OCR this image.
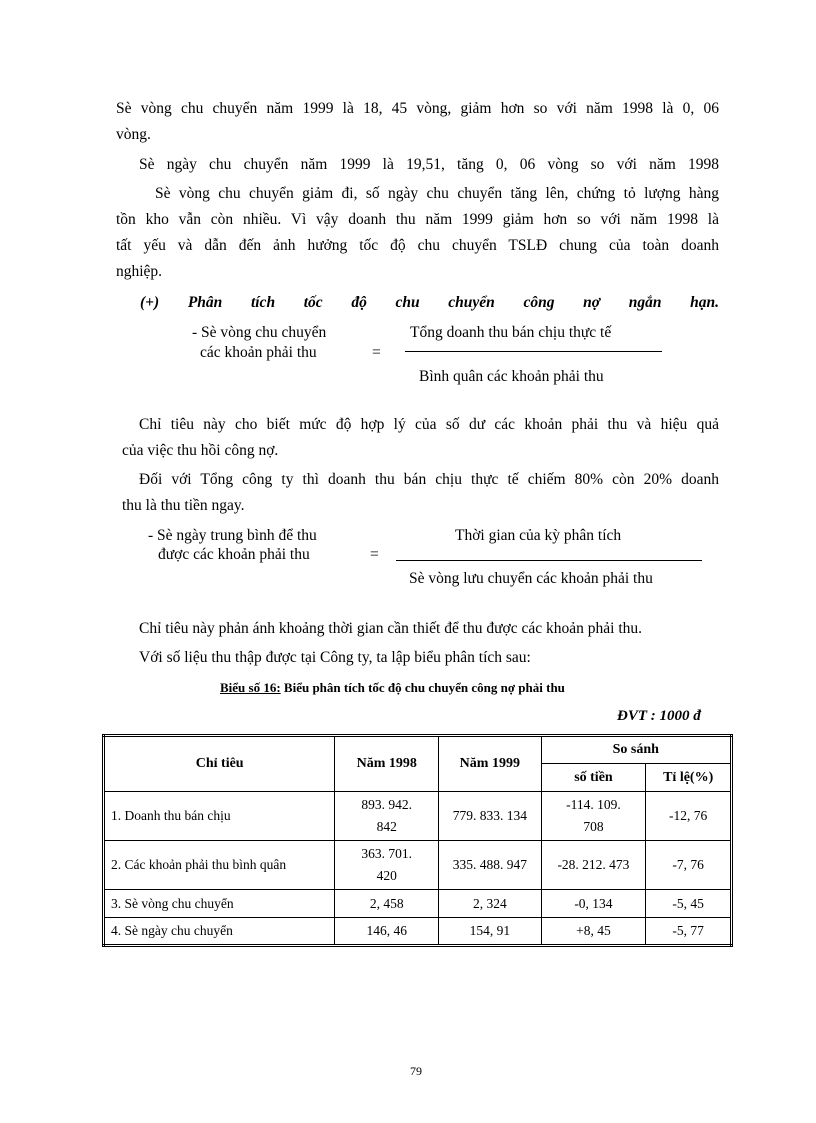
Sè vòng chu chuyển năm 1999 là 18, 45 vòng, giảm hơn so với năm 1998 là 0, 06
vòng.
Sè ngày chu chuyển năm 1999 là 19,51, tăng 0, 06 vòng so với năm 1998
Sè vòng chu chuyển giảm đi, số ngày chu chuyển tăng lên, chứng tỏ lượng hàng
tồn kho vẫn còn nhiều. Vì vậy doanh thu năm 1999 giảm hơn so với năm 1998 là
tất yếu và dẫn đến ảnh hưởng tốc độ chu chuyển TSLĐ chung của toàn doanh
nghiệp.
(+) Phân tích tốc độ chu chuyển công nợ ngắn hạn.
- Sè vòng chu chuyển
các khoản phải thu	=
Tổng doanh thu bán chịu thực tế
Bình quân các khoản phải thu
Chỉ tiêu này cho biết mức độ hợp lý của số dư các khoản phải thu và hiệu quả
của việc thu hồi công nợ.
Đối với Tổng công ty thì doanh thu bán chịu thực tế chiếm 80% còn 20% doanh
thu là thu tiền ngay.
- Sè ngày trung bình để thu
được các khoản phải thu	=
Thời gian của kỳ phân tích
Sè vòng lưu chuyển các khoản phải thu
Chỉ tiêu này phản ánh khoảng thời gian cần thiết để thu được các khoản phải thu.
Với số liệu thu thập được tại Công ty, ta lập biểu phân tích sau:
Biểu số 16: Biểu phân tích tốc độ chu chuyển công nợ phải thu
ĐVT : 1000 đ
Chỉ tiêu	Năm 1998	Năm 1999	So sánh	
			số tiền	Tỉ lệ(%)
1. Doanh thu bán chịu	893. 942. 842	779. 833. 134	-114. 109. 708	-12, 76
2. Các khoản phải thu bình quân	363. 701. 420	335. 488. 947	-28. 212. 473	-7, 76
3. Sè vòng chu chuyển	2, 458	2, 324	-0, 134	-5, 45
4. Sè ngày chu chuyển	146, 46	154, 91	+8, 45	-5, 77
79
